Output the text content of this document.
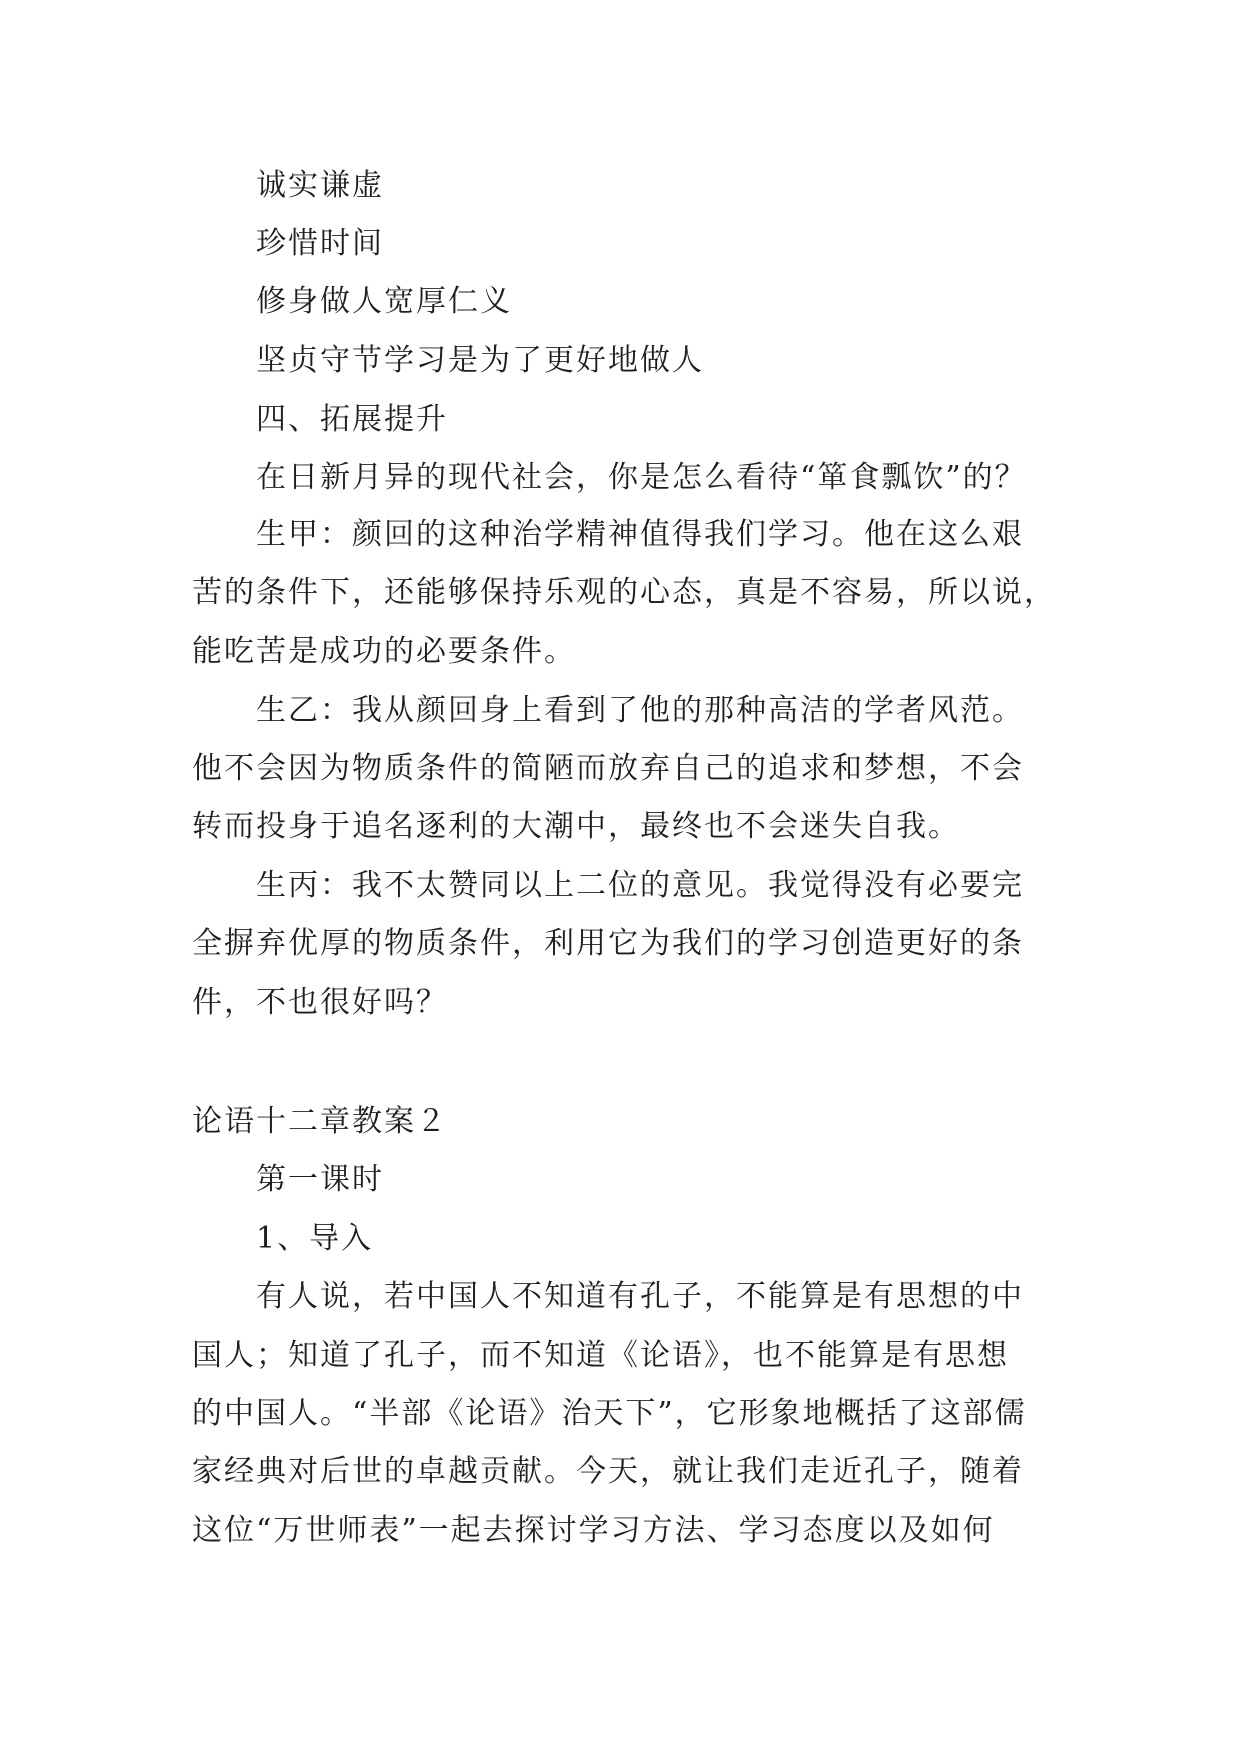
诚实谦虚
珍惜时间
修身做人宽厚仁义
坚贞守节学习是为了更好地做人
四、拓展提升
在日新月异的现代社会，你是怎么看待“箪食瓢饮”的？
生甲：颜回的这种治学精神值得我们学习。他在这么艰
苦的条件下，还能够保持乐观的心态，真是不容易，所以说，
能吃苦是成功的必要条件。
生乙：我从颜回身上看到了他的那种高洁的学者风范。
他不会因为物质条件的简陋而放弃自己的追求和梦想，不会
转而投身于追名逐利的大潮中，最终也不会迷失自我。
生丙：我不太赞同以上二位的意见。我觉得没有必要完
全摒弃优厚的物质条件，利用它为我们的学习创造更好的条
件，不也很好吗？
论语十二章教案２
第一课时
1、导入
有人说，若中国人不知道有孔子，不能算是有思想的中
国人；知道了孔子，而不知道《论语》，也不能算是有思想
的中国人。“半部《论语》治天下”，它形象地概括了这部儒
家经典对后世的卓越贡献。今天，就让我们走近孔子，随着
这位“万世师表”一起去探讨学习方法、学习态度以及如何
